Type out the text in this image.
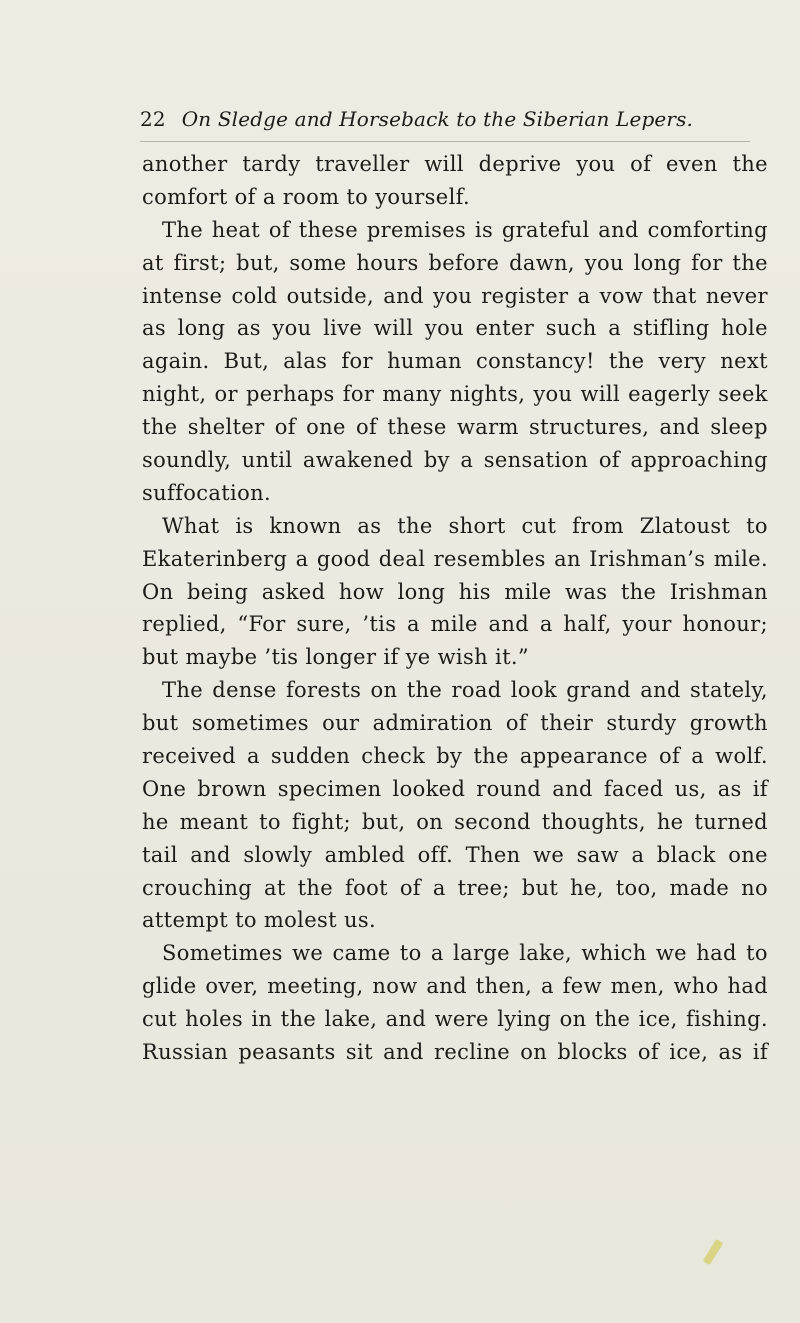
22 On Sledge and Horseback to the Siberian Lepers.
another tardy traveller will deprive you of even the
comfort of a room to yourself.
The heat of these premises is grateful and comforting
at first; but, some hours before dawn, you long for the
intense cold outside, and you register a vow that never
as long as you live will you enter such a stifling hole
again. But, alas for human constancy! the very next
night, or perhaps for many nights, you will eagerly seek
the shelter of one of these warm structures, and sleep
soundly, until awakened by a sensation of approaching
suffocation.
What is known as the short cut from Zlatoust to
Ekaterinberg a good deal resembles an Irishman’s mile.
On being asked how long his mile was the Irishman
replied, “For sure, ’tis a mile and a half, your honour;
but maybe ’tis longer if ye wish it.”
The dense forests on the road look grand and stately,
but sometimes our admiration of their sturdy growth
received a sudden check by the appearance of a wolf.
One brown specimen looked round and faced us, as if
he meant to fight; but, on second thoughts, he turned
tail and slowly ambled off. Then we saw a black one
crouching at the foot of a tree; but he, too, made no
attempt to molest us.
Sometimes we came to a large lake, which we had to
glide over, meeting, now and then, a few men, who had
cut holes in the lake, and were lying on the ice, fishing.
Russian peasants sit and recline on blocks of ice, as if
